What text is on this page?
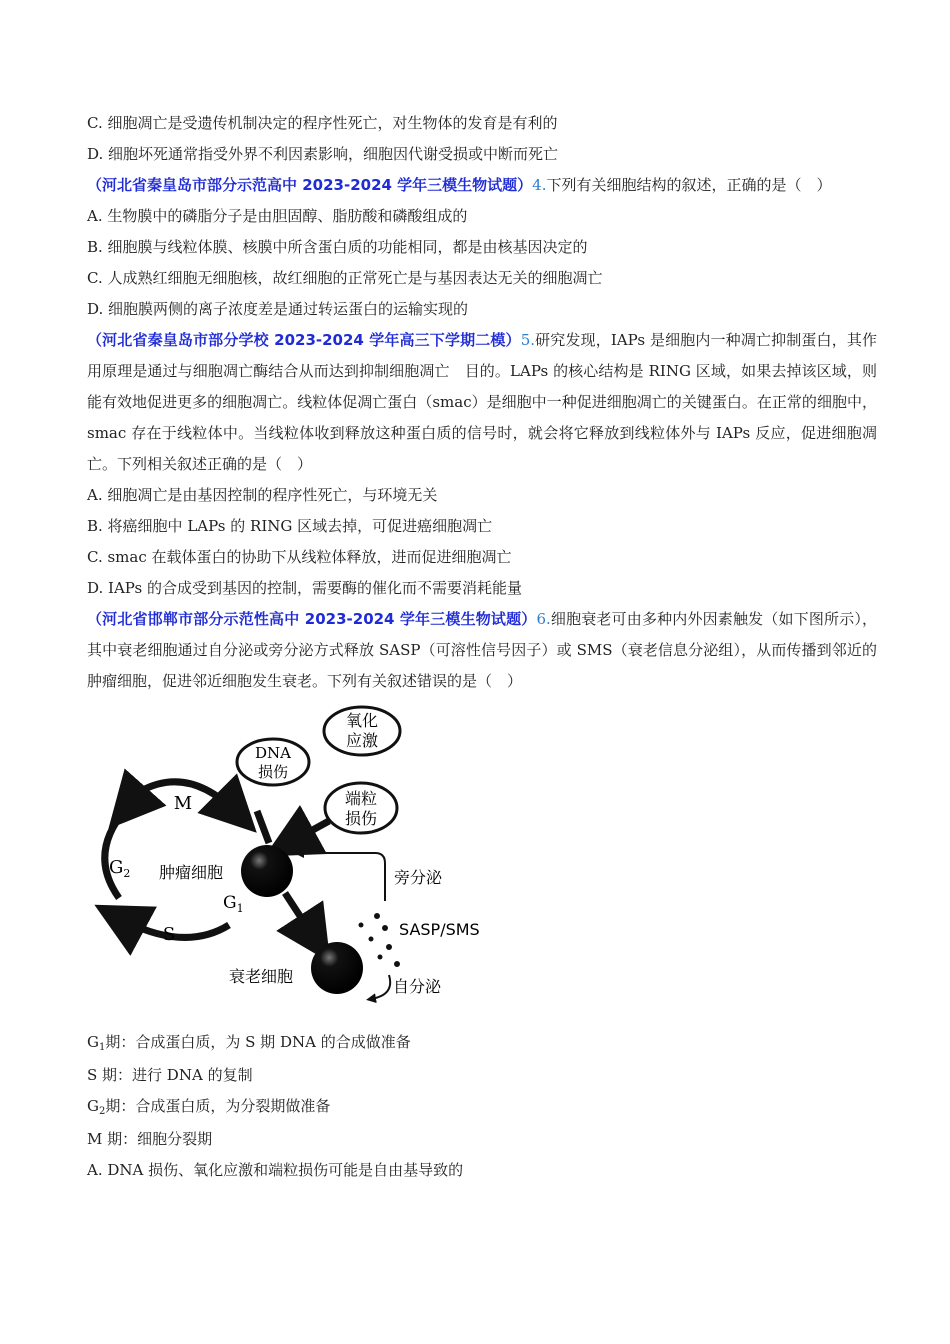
C. 细胞凋亡是受遗传机制决定的程序性死亡，对生物体的发育是有利的
D. 细胞坏死通常指受外界不利因素影响，细胞因代谢受损或中断而死亡
（河北省秦皇岛市部分示范高中 2023-2024 学年三模生物试题）4.下列有关细胞结构的叙述，正确的是（　）
A. 生物膜中的磷脂分子是由胆固醇、脂肪酸和磷酸组成的
B. 细胞膜与线粒体膜、核膜中所含蛋白质的功能相同，都是由核基因决定的
C. 人成熟红细胞无细胞核，故红细胞的正常死亡是与基因表达无关的细胞凋亡
D. 细胞膜两侧的离子浓度差是通过转运蛋白的运输实现的
（河北省秦皇岛市部分学校 2023-2024 学年高三下学期二模）5.研究发现，IAPs 是细胞内一种凋亡抑制蛋白，其作用原理是通过与细胞凋亡酶结合从而达到抑制细胞凋亡　目的。LAPs 的核心结构是 RING 区域，如果去掉该区域，则能有效地促进更多的细胞凋亡。线粒体促凋亡蛋白（smac）是细胞中一种促进细胞凋亡的关键蛋白。在正常的细胞中，smac 存在于线粒体中。当线粒体收到释放这种蛋白质的信号时，就会将它释放到线粒体外与 IAPs 反应，促进细胞凋亡。下列相关叙述正确的是（　）
A. 细胞凋亡是由基因控制的程序性死亡，与环境无关
B. 将癌细胞中 LAPs 的 RING 区域去掉，可促进癌细胞凋亡
C. smac 在载体蛋白的协助下从线粒体释放，进而促进细胞凋亡
D. IAPs 的合成受到基因的控制，需要酶的催化而不需要消耗能量
（河北省邯郸市部分示范性高中 2023-2024 学年三模生物试题）6.细胞衰老可由多种内外因素触发（如下图所示），其中衰老细胞通过自分泌或旁分泌方式释放 SASP（可溶性信号因子）或 SMS（衰老信息分泌组），从而传播到邻近的肿瘤细胞，促进邻近细胞发生衰老。下列有关叙述错误的是（　）
氧化
应激
DNA
损伤
端粒
损伤
M
$G_2$
S
肿瘤细胞
$G_1$
衰老细胞
旁分泌
SASP/SMS
自分泌
$G_1$期：合成蛋白质，为 S 期 DNA 的合成做准备
S 期：进行 DNA 的复制
$G_2$期：合成蛋白质，为分裂期做准备
M 期：细胞分裂期
A. DNA 损伤、氧化应激和端粒损伤可能是自由基导致的
